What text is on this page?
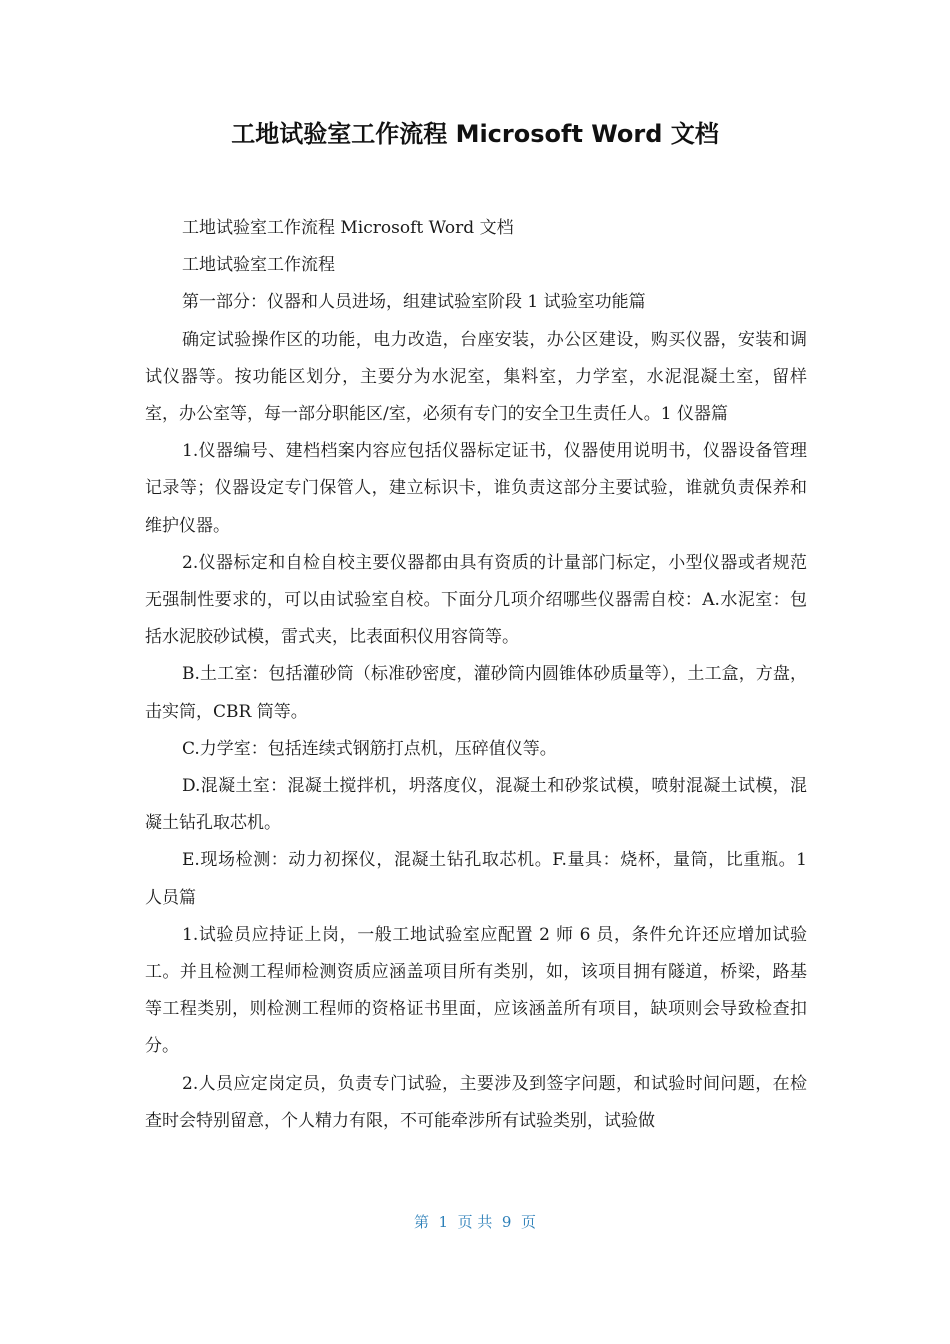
工地试验室工作流程 Microsoft Word 文档

工地试验室工作流程 Microsoft Word 文档

工地试验室工作流程

第一部分：仪器和人员进场，组建试验室阶段 1 试验室功能篇

确定试验操作区的功能，电力改造，台座安装，办公区建设，购买仪器，安装和调试仪器等。按功能区划分，主要分为水泥室，集料室，力学室，水泥混凝土室，留样室，办公室等，每一部分职能区/室，必须有专门的安全卫生责任人。1 仪器篇

1.仪器编号、建档档案内容应包括仪器标定证书，仪器使用说明书，仪器设备管理记录等；仪器设定专门保管人，建立标识卡，谁负责这部分主要试验，谁就负责保养和维护仪器。

2.仪器标定和自检自校主要仪器都由具有资质的计量部门标定，小型仪器或者规范无强制性要求的，可以由试验室自校。下面分几项介绍哪些仪器需自校：A.水泥室：包括水泥胶砂试模，雷式夹，比表面积仪用容筒等。

B.土工室：包括灌砂筒（标准砂密度，灌砂筒内圆锥体砂质量等），土工盒，方盘，击实筒，CBR 筒等。

C.力学室：包括连续式钢筋打点机，压碎值仪等。

D.混凝土室：混凝土搅拌机，坍落度仪，混凝土和砂浆试模，喷射混凝土试模，混凝土钻孔取芯机。

E.现场检测：动力初探仪，混凝土钻孔取芯机。F.量具：烧杯，量筒，比重瓶。1 人员篇

1.试验员应持证上岗，一般工地试验室应配置 2 师 6 员，条件允许还应增加试验工。并且检测工程师检测资质应涵盖项目所有类别，如，该项目拥有隧道，桥梁，路基等工程类别，则检测工程师的资格证书里面，应该涵盖所有项目，缺项则会导致检查扣分。

2.人员应定岗定员，负责专门试验，主要涉及到签字问题，和试验时间问题，在检查时会特别留意，个人精力有限，不可能牵涉所有试验类别，试验做

第  1  页 共  9  页
